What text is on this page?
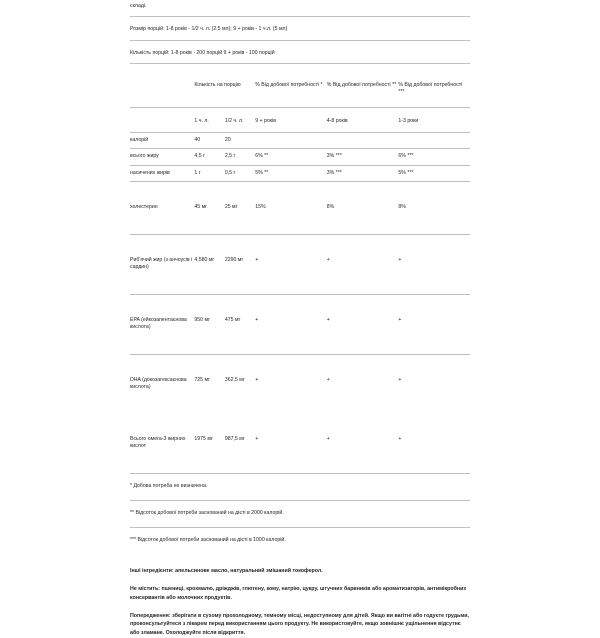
складі.
Розмір порцій: 1-8 років - 1/2 ч. л. (2,5 мл); 9 + років - 1 ч.л. (5 мл)
Кількість порцій: 1-8 років - 200 порцій 9 + років - 100 порцій
	Кількість на порцію		% Від добової потребності *	% Від добової потребності **	% Від добової потребності ***
	1 ч. л.	1/2 ч. л.	9 + років	4-8 років	1-3 роки
калорій	40	20			
всього жиру	4,5 г	2,5 г	6% **	3% ***	6% ***
насичених жирів	1 г	0,5 г	5% **	3% ***	5% ***
холестерин	45 мг	25 мг	15%	8%	8%
Риб'ячий жир (з анчоусів і сардин)	4,580 мг	2290 мг	+	+	+
EPA (ейкозапентаєнова кислота)	950 мг	475 мг	+	+	+
DHA (докозагексаєнова кислота)	725 мг	362,5 мг	+	+	+
Всього омега-3 жирних кислот	1975 мг	987,5 мг	+	+	+
* Добова потреба не визначена.
** Відсоток добової потреби заснований на дієті в 2000 калорій.
*** Відсоток добової потреби заснований на дієті в 1000 калорій.

Інші інгредієнти: апельсинове масло, натуральний змішаний токоферол.

Не містить: пшениці, крохмалю, дріжджів, глютену, кому, натрію, цукру, штучних барвників або ароматизаторів, антимікробних консервантів або молочних продуктів.

Попередження: зберігати в сухому прохолодному, темному місці, недоступному для дітей. Якщо ви вагітні або годуєте грудьми, проконсультуйтеся з лікарем перед використанням цього продукту. Не використовуйте, якщо зовнішнє ущільнення відсутнє або зламане. Охолоджуйте після відкриття.
